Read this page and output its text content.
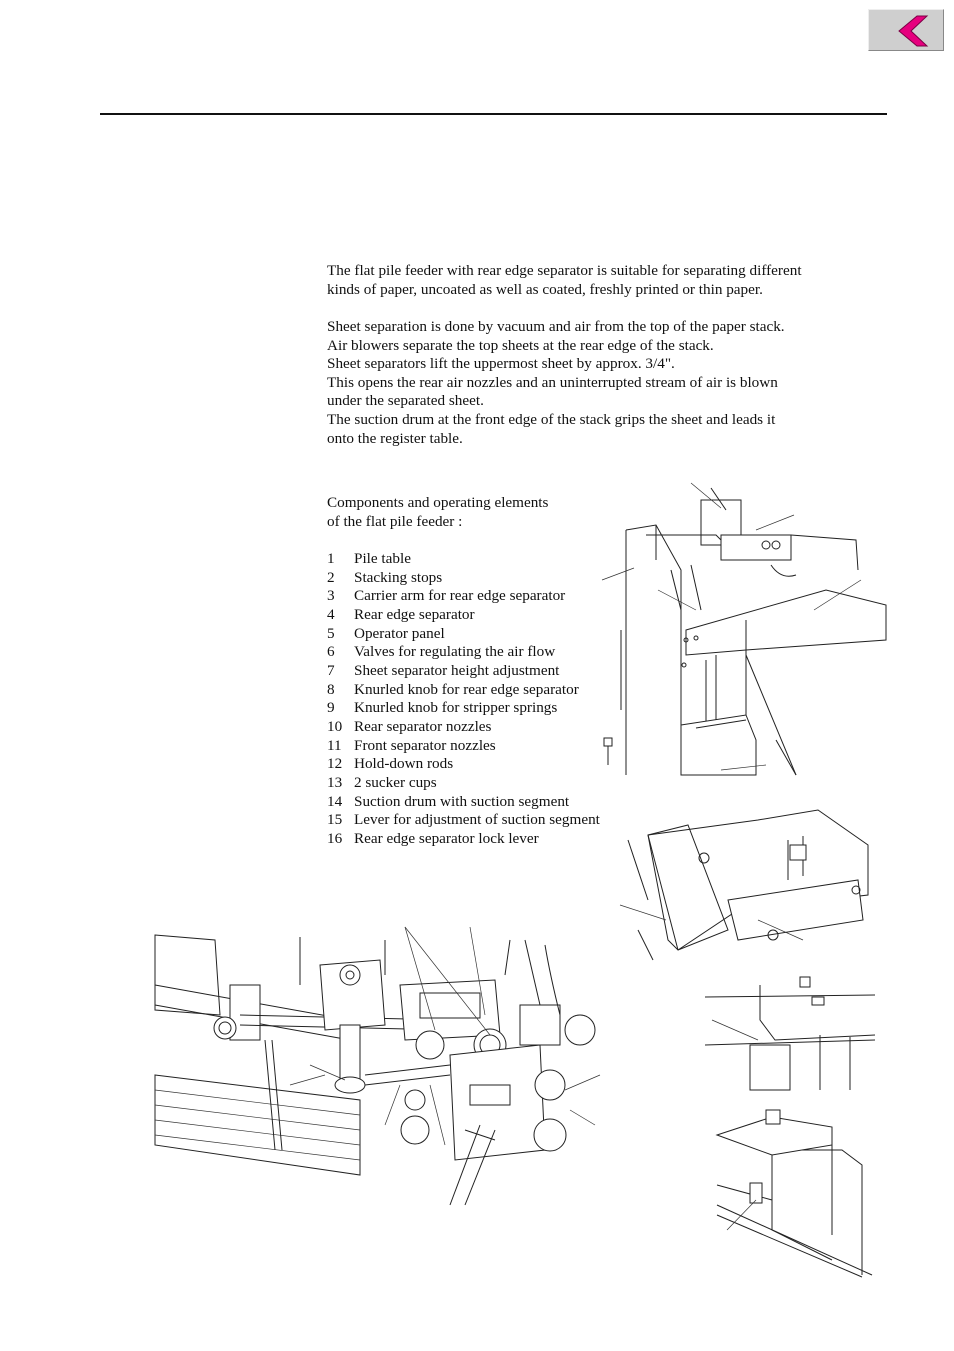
The flat pile feeder with rear edge separator is suitable for separating different
kinds of paper, uncoated as well as coated, freshly printed or thin paper.
Sheet separation is done by vacuum and air from the top of the paper stack.
Air blowers separate the top sheets at the rear edge of the stack.
Sheet separators lift the uppermost sheet by approx. 3/4".
This opens the rear air nozzles and an uninterrupted stream of air is blown
under the separated sheet.
The suction drum at the front edge of the stack grips the sheet and leads it
onto the register table.
Components and operating elements
of the flat pile feeder :
1 Pile table
2 Stacking stops
3 Carrier arm for rear edge separator
4 Rear edge separator
5 Operator panel
6 Valves for regulating the air flow
7 Sheet separator height adjustment
8 Knurled knob for rear edge separator
9 Knurled knob for stripper springs
10 Rear separator nozzles
11 Front separator nozzles
12 Hold-down rods
13 2 sucker cups
14 Suction drum with suction segment
15 Lever for adjustment of suction segment
16 Rear edge separator lock lever
